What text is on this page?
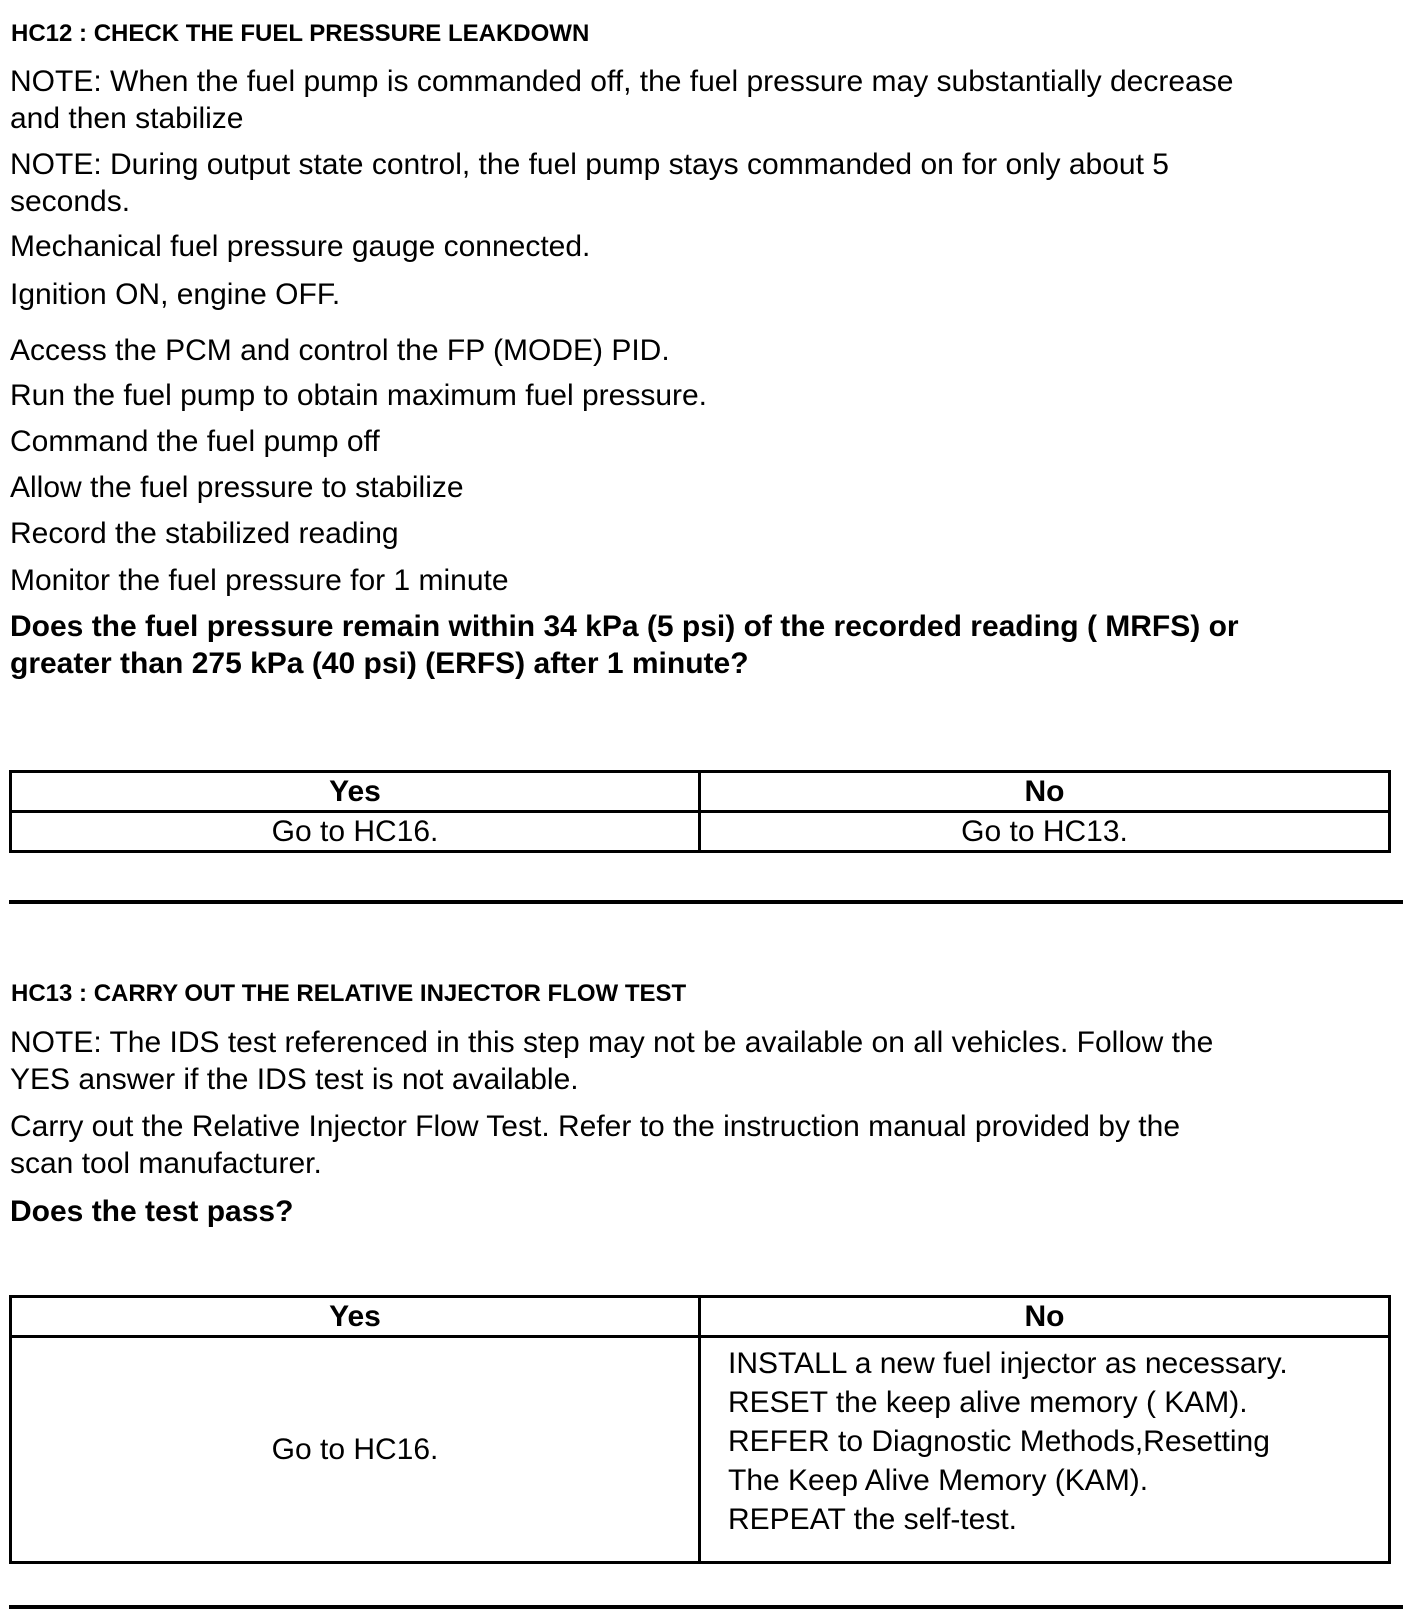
HC12 : CHECK THE FUEL PRESSURE LEAKDOWN
NOTE: When the fuel pump is commanded off, the fuel pressure may substantially decrease
and then stabilize
NOTE: During output state control, the fuel pump stays commanded on for only about 5
seconds.
Mechanical fuel pressure gauge connected.
Ignition ON, engine OFF.
Access the PCM and control the FP (MODE) PID.
Run the fuel pump to obtain maximum fuel pressure.
Command the fuel pump off
Allow the fuel pressure to stabilize
Record the stabilized reading
Monitor the fuel pressure for 1 minute
Does the fuel pressure remain within 34 kPa (5 psi) of the recorded reading ( MRFS) or
greater than 275 kPa (40 psi) (ERFS) after 1 minute?
Yes	No
Go to HC16.	Go to HC13.
HC13 : CARRY OUT THE RELATIVE INJECTOR FLOW TEST
NOTE: The IDS test referenced in this step may not be available on all vehicles. Follow the
YES answer if the IDS test is not available.
Carry out the Relative Injector Flow Test. Refer to the instruction manual provided by the
scan tool manufacturer.
Does the test pass?
Yes	No
Go to HC16.	INSTALL a new fuel injector as necessary.
RESET the keep alive memory ( KAM).
REFER to Diagnostic Methods,Resetting
The Keep Alive Memory (KAM).
REPEAT the self-test.
